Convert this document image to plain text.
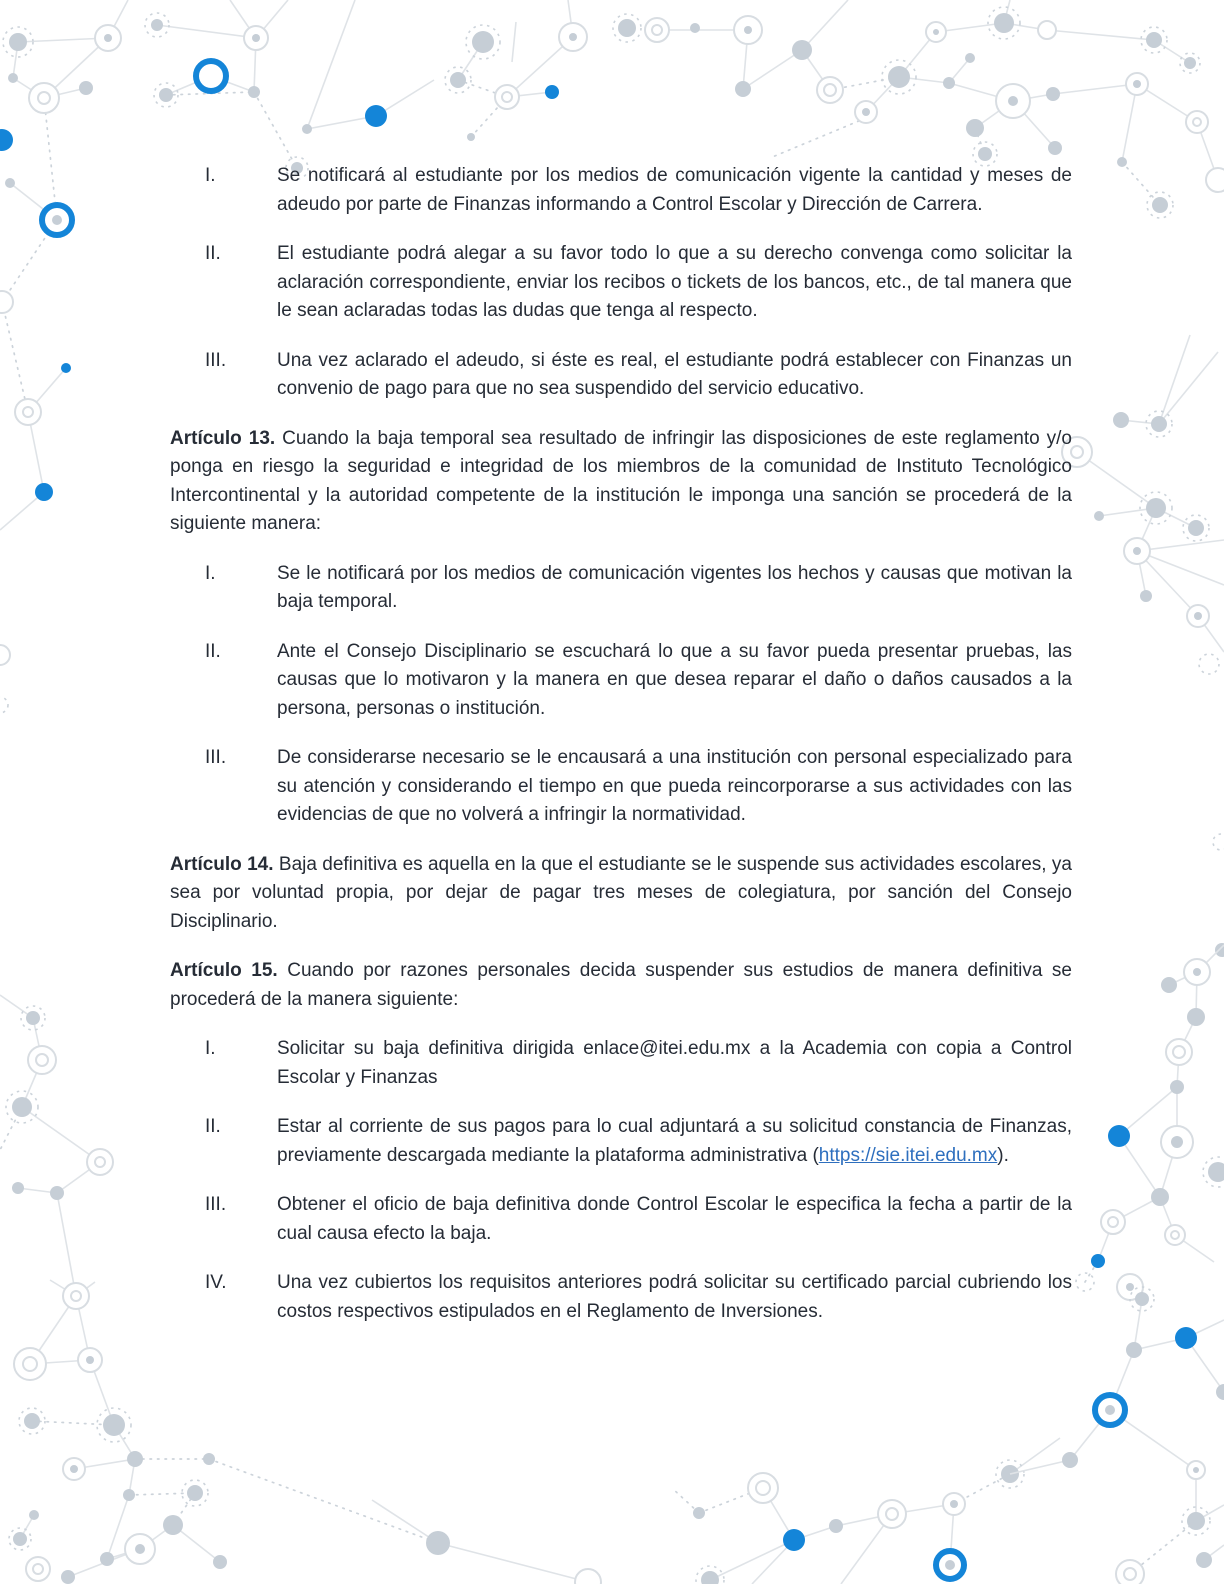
I.	Se notificará al estudiante por los medios de comunicación vigente la cantidad y meses de adeudo por parte de Finanzas informando a Control Escolar y Dirección de Carrera.
II.	El estudiante podrá alegar a su favor todo lo que a su derecho convenga como solicitar la aclaración correspondiente, enviar los recibos o tickets de los bancos, etc., de tal manera que le sean aclaradas todas las dudas que tenga al respecto.
III.	Una vez aclarado el adeudo, si éste es real, el estudiante podrá establecer con Finanzas un convenio de pago para que no sea suspendido del servicio educativo.

Artículo 13. Cuando la baja temporal sea resultado de infringir las disposiciones de este reglamento y/o ponga en riesgo la seguridad e integridad de los miembros de la comunidad de Instituto Tecnológico Intercontinental y la autoridad competente de la institución le imponga una sanción se procederá de la siguiente manera:

I.	Se le notificará por los medios de comunicación vigentes los hechos y causas que motivan la baja temporal.
II.	Ante el Consejo Disciplinario se escuchará lo que a su favor pueda presentar pruebas, las causas que lo motivaron y la manera en que desea reparar el daño o daños causados a la persona, personas o institución.
III.	De considerarse necesario se le encausará a una institución con personal especializado para su atención y considerando el tiempo en que pueda reincorporarse a sus actividades con las evidencias de que no volverá a infringir la normatividad.

Artículo 14. Baja definitiva es aquella en la que el estudiante se le suspende sus actividades escolares, ya sea por voluntad propia, por dejar de pagar tres meses de colegiatura, por sanción del Consejo Disciplinario.

Artículo 15. Cuando por razones personales decida suspender sus estudios de manera definitiva se procederá de la manera siguiente:

I.	Solicitar su baja definitiva dirigida enlace@itei.edu.mx a la Academia con copia a Control Escolar y Finanzas
II.	Estar al corriente de sus pagos para lo cual adjuntará a su solicitud constancia de Finanzas, previamente descargada mediante la plataforma administrativa (https://sie.itei.edu.mx).
III.	Obtener el oficio de baja definitiva donde Control Escolar le especifica la fecha a partir de la cual causa efecto la baja.
IV.	Una vez cubiertos los requisitos anteriores podrá solicitar su certificado parcial cubriendo los costos respectivos estipulados en el Reglamento de Inversiones.
